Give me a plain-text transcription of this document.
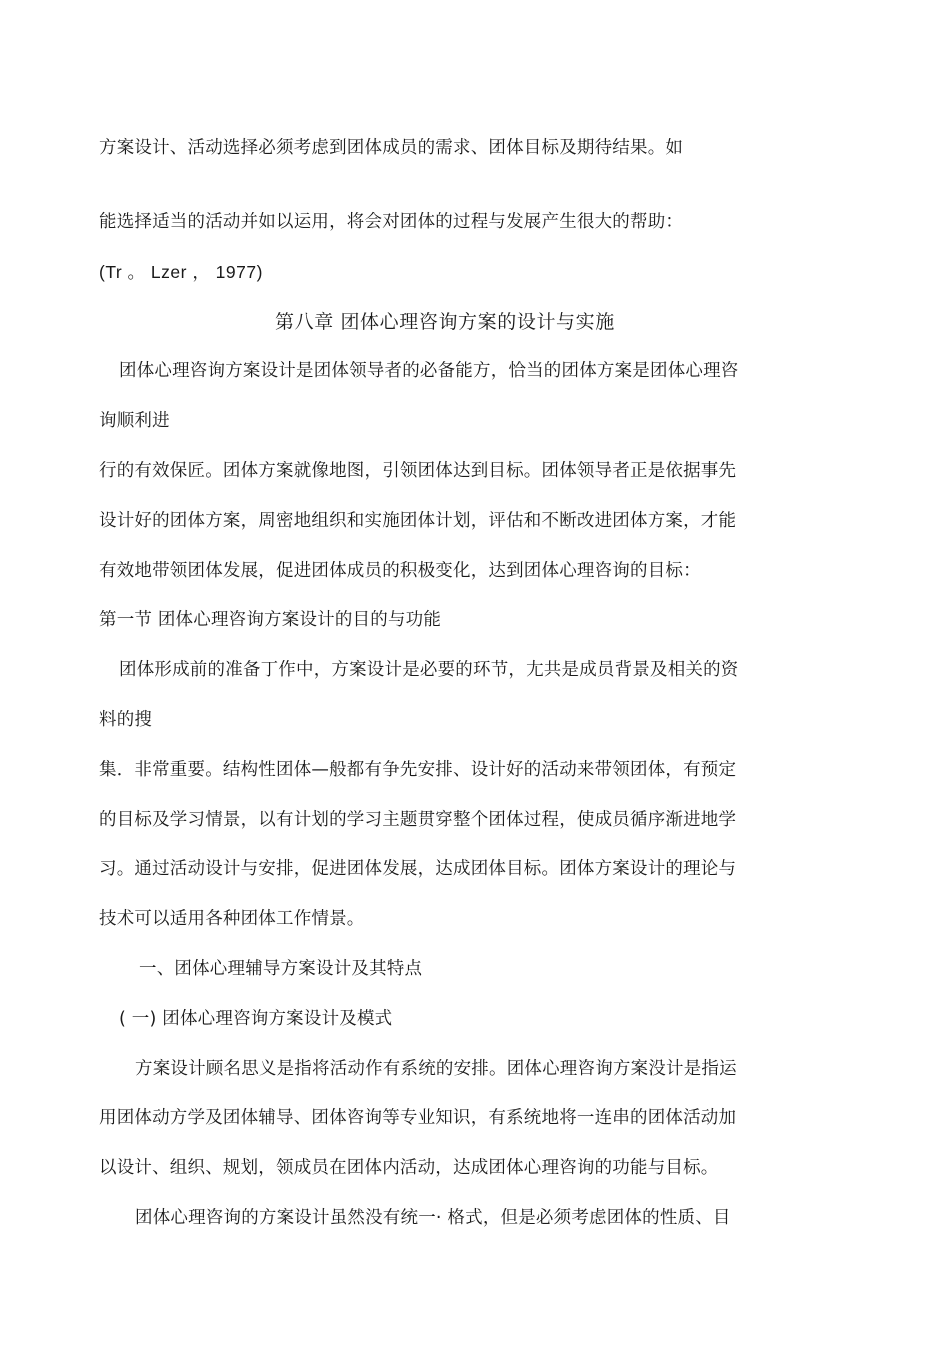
方案设计、活动选择必须考虑到团体成员的需求、团体目标及期待结果。如
能选择适当的活动并如以运用，将会对团体的过程与发展产生很大的帮助：
(Tr 。 Lzer ， 1977)
第八章 团体心理咨询方案的设计与实施
团体心理咨询方案设计是团体领导者的必备能方，恰当的团体方案是团体心理咨
询顺利进
行的有效保匠。团体方案就像地图，引领团体达到目标。团体领导者正是依据事先
设计好的团体方案，周密地组织和实施团体计划，评估和不断改进团体方案，才能
有效地带领团体发展，促进团体成员的积极变化，达到团体心理咨询的目标：
第一节 团体心理咨询方案设计的目的与功能
团体形成前的准备丁作中，方案设计是必要的环节，尢共是成员背景及相关的资
料的搜
集．非常重要。结构性团体—般都有争先安排、设计好的活动来带领团体，有预定
的目标及学习情景，以有计划的学习主题贯穿整个团体过程，使成员循序渐进地学
习。通过活动设计与安排，促进团体发展，达成团体目标。团体方案设计的理论与
技术可以适用各种团体工作情景。
一、团体心理辅导方案设计及其特点
( 一) 团体心理咨询方案设计及模式
方案设计顾名思义是指将活动作有系统的安排。团体心理咨询方案没计是指运
用团体动方学及团体辅导、团体咨询等专业知识，有系统地将一连串的团体活动加
以设计、组织、规划，领成员在团体内活动，达成团体心理咨询的功能与目标。
团体心理咨询的方案设计虽然没有统一· 格式，但是必须考虑团体的性质、目
